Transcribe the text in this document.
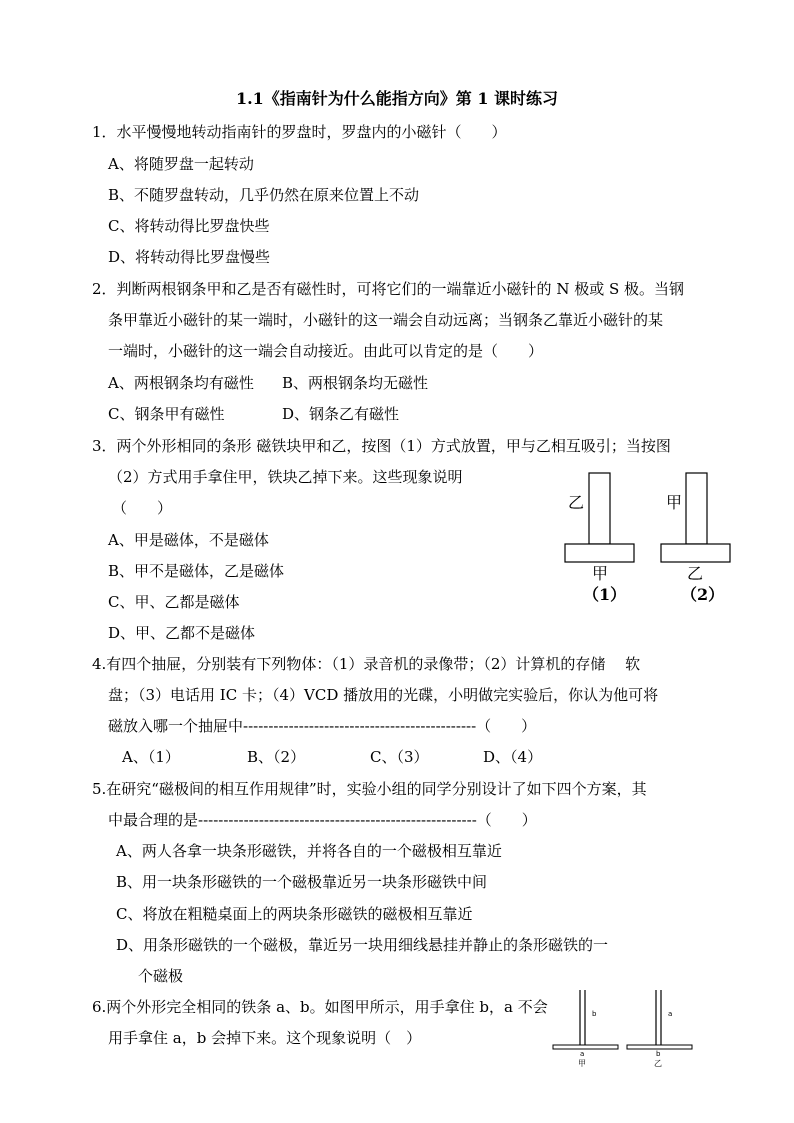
1.1《指南针为什么能指方向》第 1 课时练习
1．水平慢慢地转动指南针的罗盘时，罗盘内的小磁针（　　）
A、将随罗盘一起转动
B、不随罗盘转动，几乎仍然在原来位置上不动
C、将转动得比罗盘快些
D、将转动得比罗盘慢些
2．判断两根钢条甲和乙是否有磁性时，可将它们的一端靠近小磁针的 N 极或 S 极。当钢
条甲靠近小磁针的某一端时，小磁针的这一端会自动远离；当钢条乙靠近小磁针的某
一端时，小磁针的这一端会自动接近。由此可以肯定的是（　　）
A、两根钢条均有磁性 B、两根钢条均无磁性
C、钢条甲有磁性	D、钢条乙有磁性
3．两个外形相同的条形 磁铁块甲和乙，按图（1）方式放置，甲与乙相互吸引；当按图
（2）方式用手拿住甲，铁块乙掉下来。这些现象说明
（　　）
A、甲是磁体，不是磁体
B、甲不是磁体，乙是磁体
C、甲、乙都是磁体
D、甲、乙都不是磁体
乙
甲
（1）
甲
乙
（2）
4.有四个抽屉，分别装有下列物体：（1）录音机的录像带；（2）计算机的存储　 软
盘；（3）电话用 IC 卡；（4）VCD 播放用的光碟，小明做完实验后，你认为他可将
磁放入哪一个抽屉中----------------------------------------------（　　）
A、（1）	B、（2）	C、（3）	D、（4）
5.在研究“磁极间的相互作用规律”时，实验小组的同学分别设计了如下四个方案，其
中最合理的是-------------------------------------------------------（　　）
A、两人各拿一块条形磁铁，并将各自的一个磁极相互靠近
B、用一块条形磁铁的一个磁极靠近另一块条形磁铁中间
C、将放在粗糙桌面上的两块条形磁铁的磁极相互靠近
D、用条形磁铁的一个磁极，靠近另一块用细线悬挂并静止的条形磁铁的一
个磁极
6.两个外形完全相同的铁条 a、b。如图甲所示，用手拿住 b，a 不会
用手拿住 a，b 会掉下来。这个现象说明（　）
b
a
甲
a
b
乙
